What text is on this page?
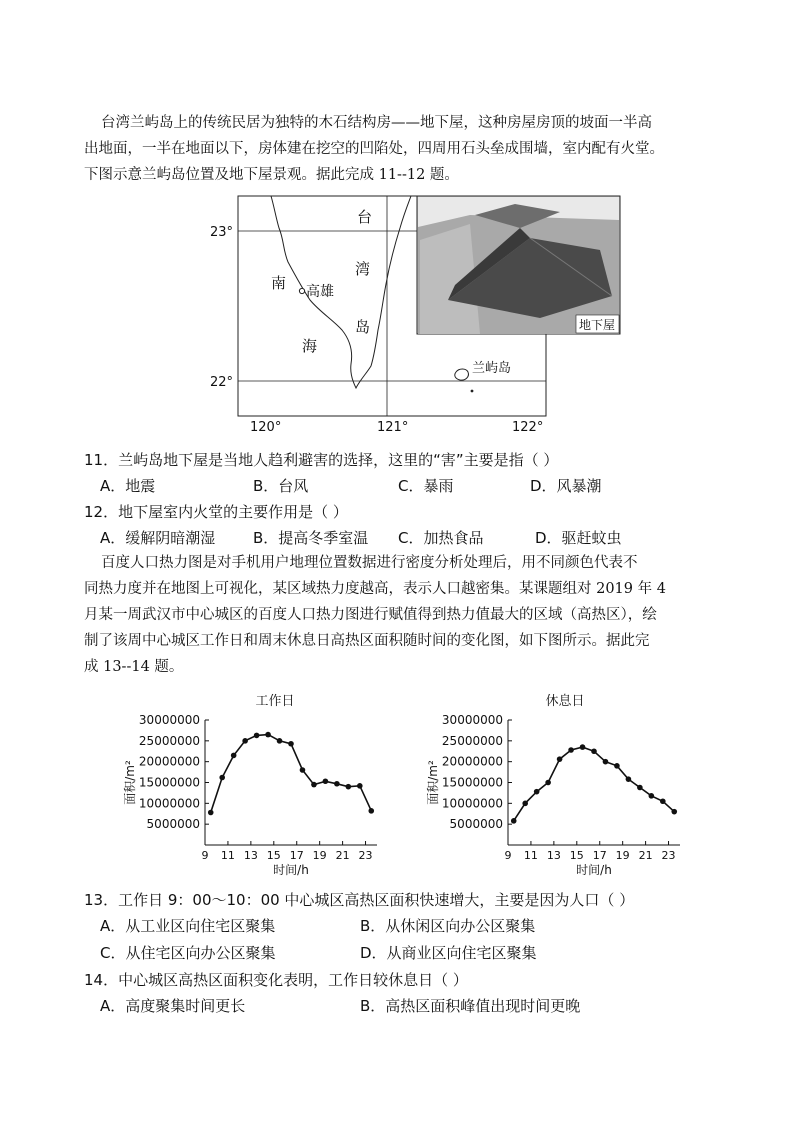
台湾兰屿岛上的传统民居为独特的木石结构房——地下屋，这种房屋房顶的坡面一半高
出地面，一半在地面以下，房体建在挖空的凹陷处，四周用石头垒成围墙，室内配有火堂。
下图示意兰屿岛位置及地下屋景观。据此完成 11--12 题。
台
湾
岛
南
海
高雄
兰屿岛
23°
22°
120°	121°	122°
地下屋
11．兰屿岛地下屋是当地人趋利避害的选择，这里的“害”主要是指（ ）
A．地震	B．台风	C．暴雨	D．风暴潮
12．地下屋室内火堂的主要作用是（ ）
A．缓解阴暗潮湿	B．提高冬季室温 C．加热食品	D．驱赶蚊虫
百度人口热力图是对手机用户地理位置数据进行密度分析处理后，用不同颜色代表不
同热力度并在地图上可视化，某区域热力度越高，表示人口越密集。某课题组对 2019 年 4
月某一周武汉市中心城区的百度人口热力图进行赋值得到热力值最大的区域（高热区），绘
制了该周中心城区工作日和周末休息日高热区面积随时间的变化图，如下图所示。据此完
成 13--14 题。
工作日
30000000
25000000
20000000
15000000
10000000
5000000
9 11 13 15 17 19 21 23
时间/h
面积/m²
休息日
30000000
25000000
20000000
15000000
10000000
5000000
9 11 13 15 17 19 21 23
时间/h
面积/m²
13．工作日 9：00～10：00 中心城区高热区面积快速增大，主要是因为人口（ ）
A．从工业区向住宅区聚集	B．从休闲区向办公区聚集
C．从住宅区向办公区聚集	D．从商业区向住宅区聚集
14．中心城区高热区面积变化表明，工作日较休息日（ ）
A．高度聚集时间更长	B．高热区面积峰值出现时间更晚
